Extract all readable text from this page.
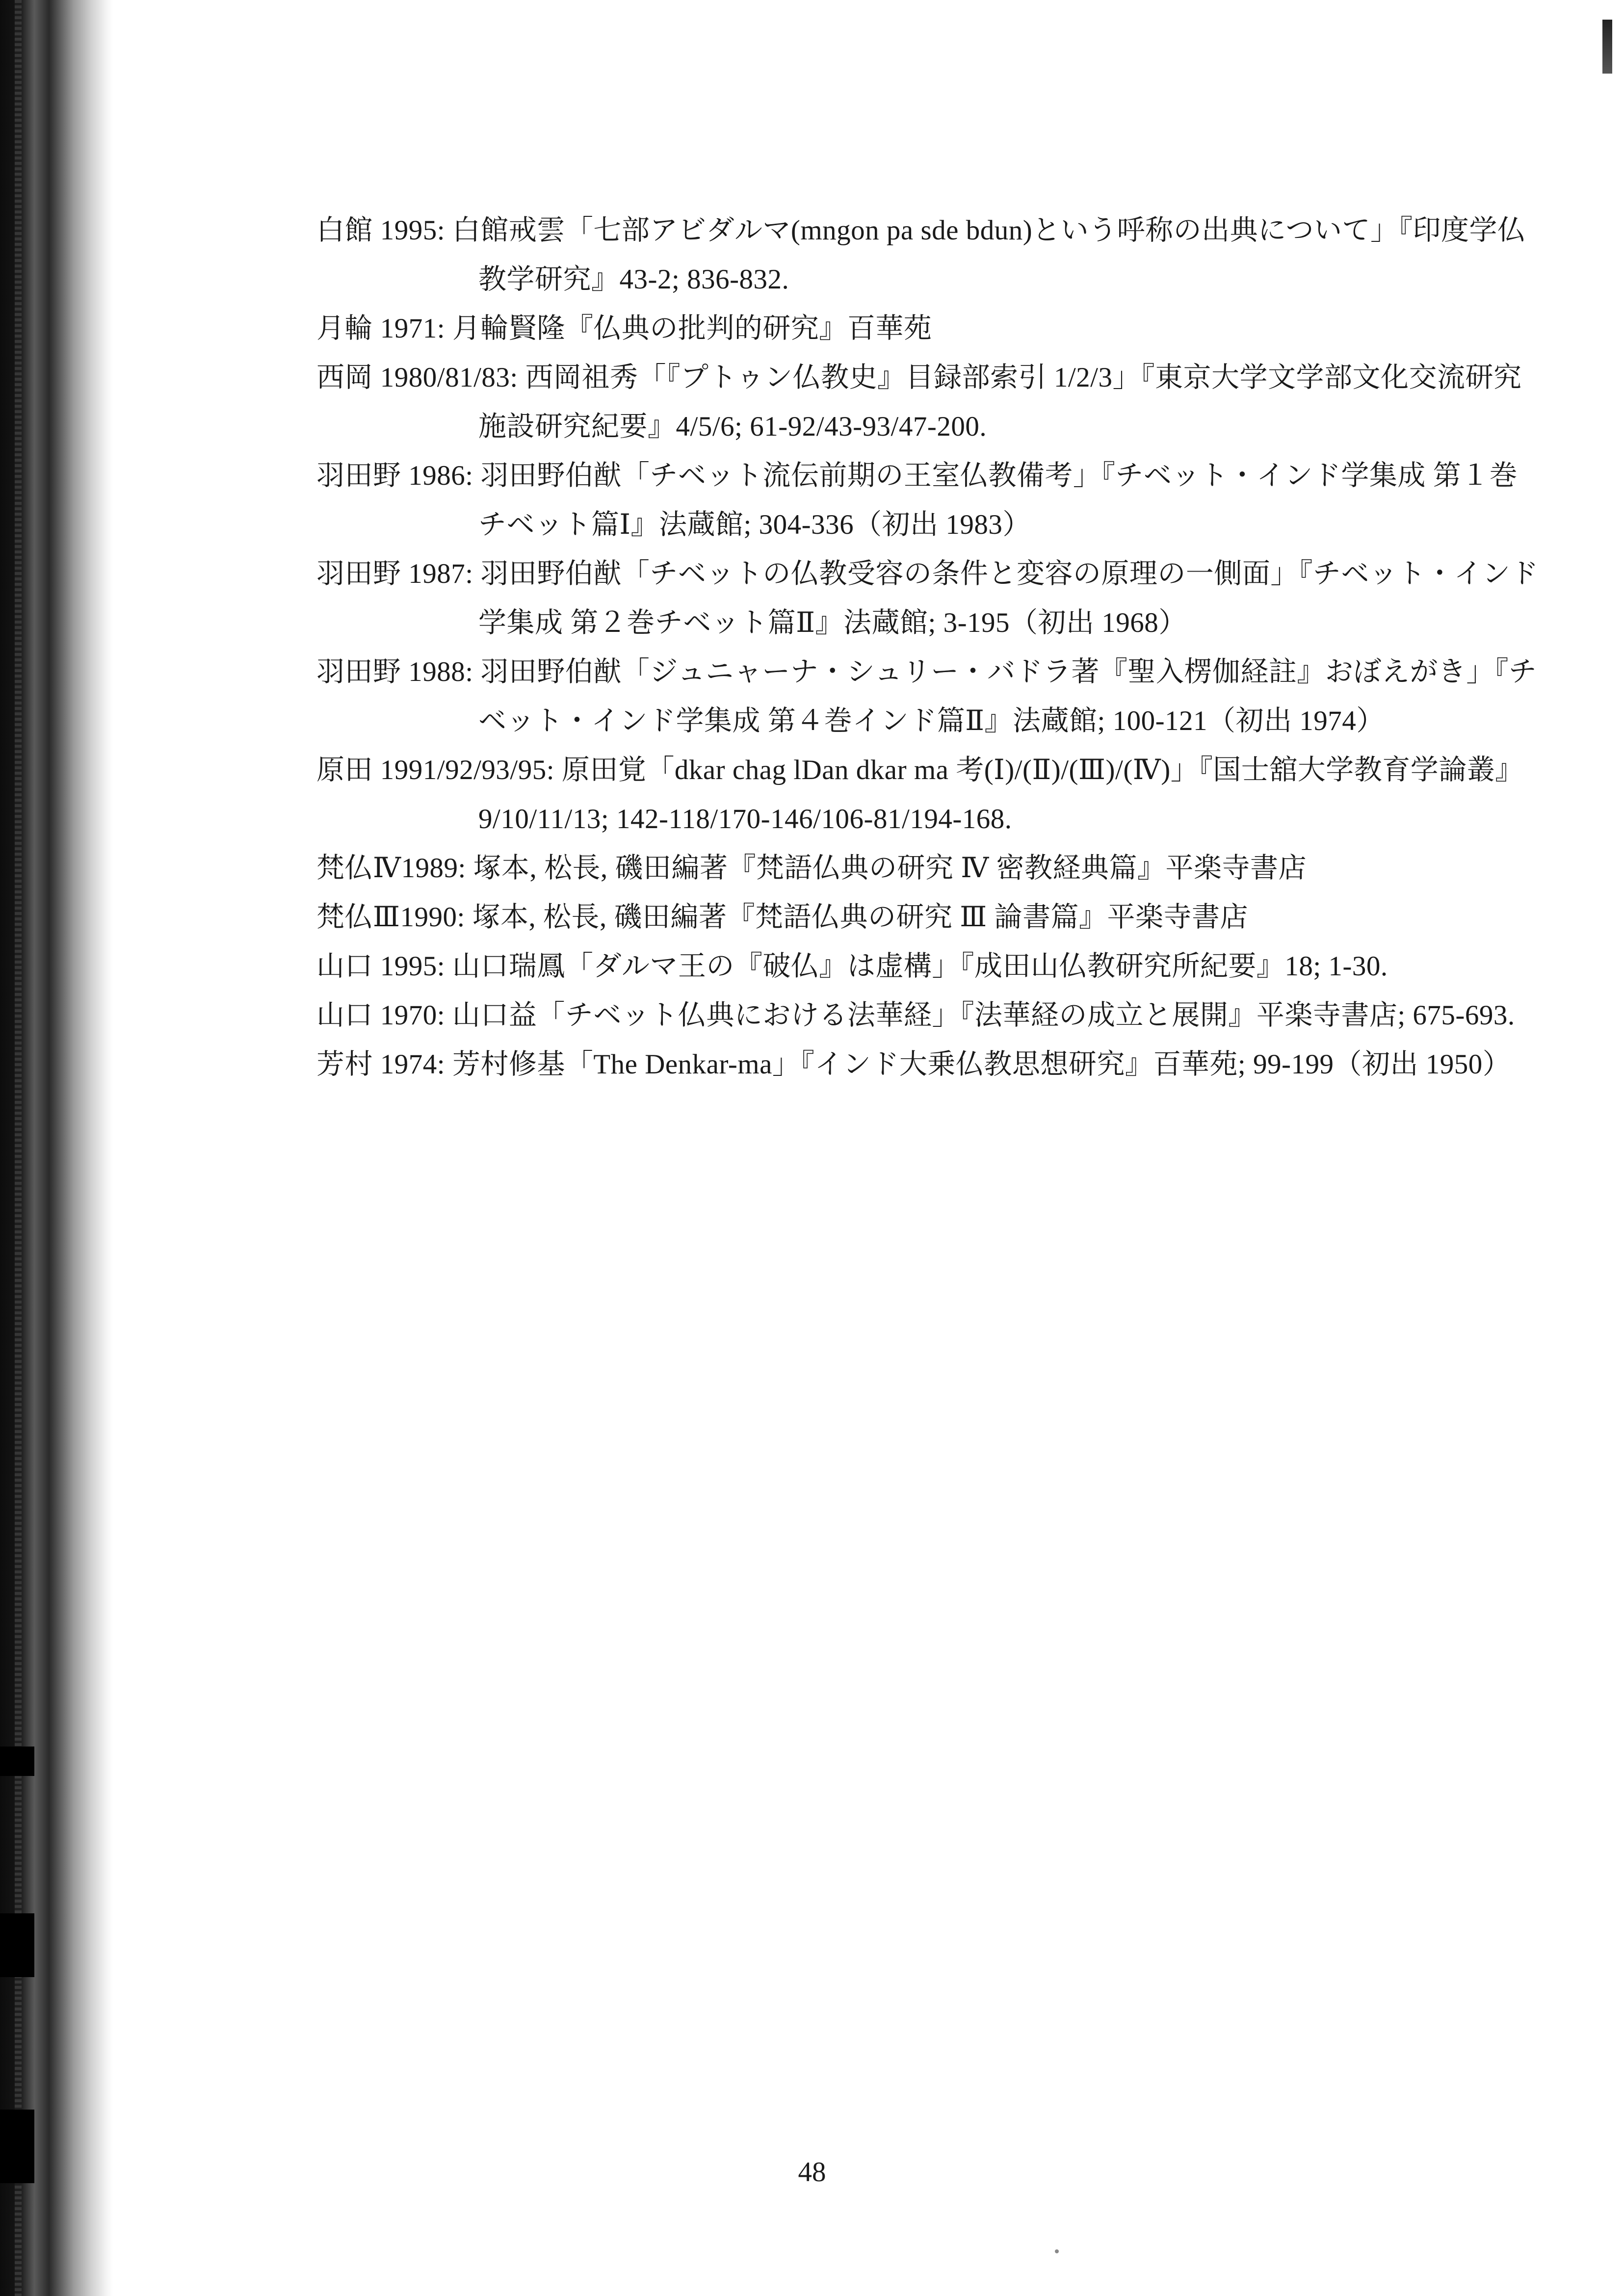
白館 1995: 白館戒雲「七部アビダルマ(mngon pa sde bdun)という呼称の出典について」『印度学仏教学研究』43-2; 836-832.

月輪 1971: 月輪賢隆『仏典の批判的研究』百華苑

西岡 1980/81/83: 西岡祖秀「『プトゥン仏教史』目録部索引 1/2/3」『東京大学文学部文化交流研究施設研究紀要』4/5/6; 61-92/43-93/47-200.

羽田野 1986: 羽田野伯猷「チベット流伝前期の王室仏教備考」『チベット・インド学集成 第１巻チベット篇Ⅰ』法蔵館; 304-336（初出 1983）

羽田野 1987: 羽田野伯猷「チベットの仏教受容の条件と変容の原理の一側面」『チベット・インド学集成 第２巻チベット篇Ⅱ』法蔵館; 3-195（初出 1968）

羽田野 1988: 羽田野伯猷「ジュニャーナ・シュリー・バドラ著『聖入楞伽経註』おぼえがき」『チベット・インド学集成 第４巻インド篇Ⅱ』法蔵館; 100-121（初出 1974）

原田 1991/92/93/95: 原田覚「dkar chag lDan dkar ma 考(Ⅰ)/(Ⅱ)/(Ⅲ)/(Ⅳ)」『国士舘大学教育学論叢』9/10/11/13; 142-118/170-146/106-81/194-168.

梵仏Ⅳ1989: 塚本, 松長, 磯田編著『梵語仏典の研究 Ⅳ 密教経典篇』平楽寺書店

梵仏Ⅲ1990: 塚本, 松長, 磯田編著『梵語仏典の研究 Ⅲ 論書篇』平楽寺書店

山口 1995: 山口瑞鳳「ダルマ王の『破仏』は虚構」『成田山仏教研究所紀要』18; 1-30.

山口 1970: 山口益「チベット仏典における法華経」『法華経の成立と展開』平楽寺書店; 675-693.

芳村 1974: 芳村修基「The Denkar-ma」『インド大乗仏教思想研究』百華苑; 99-199（初出 1950）

48
